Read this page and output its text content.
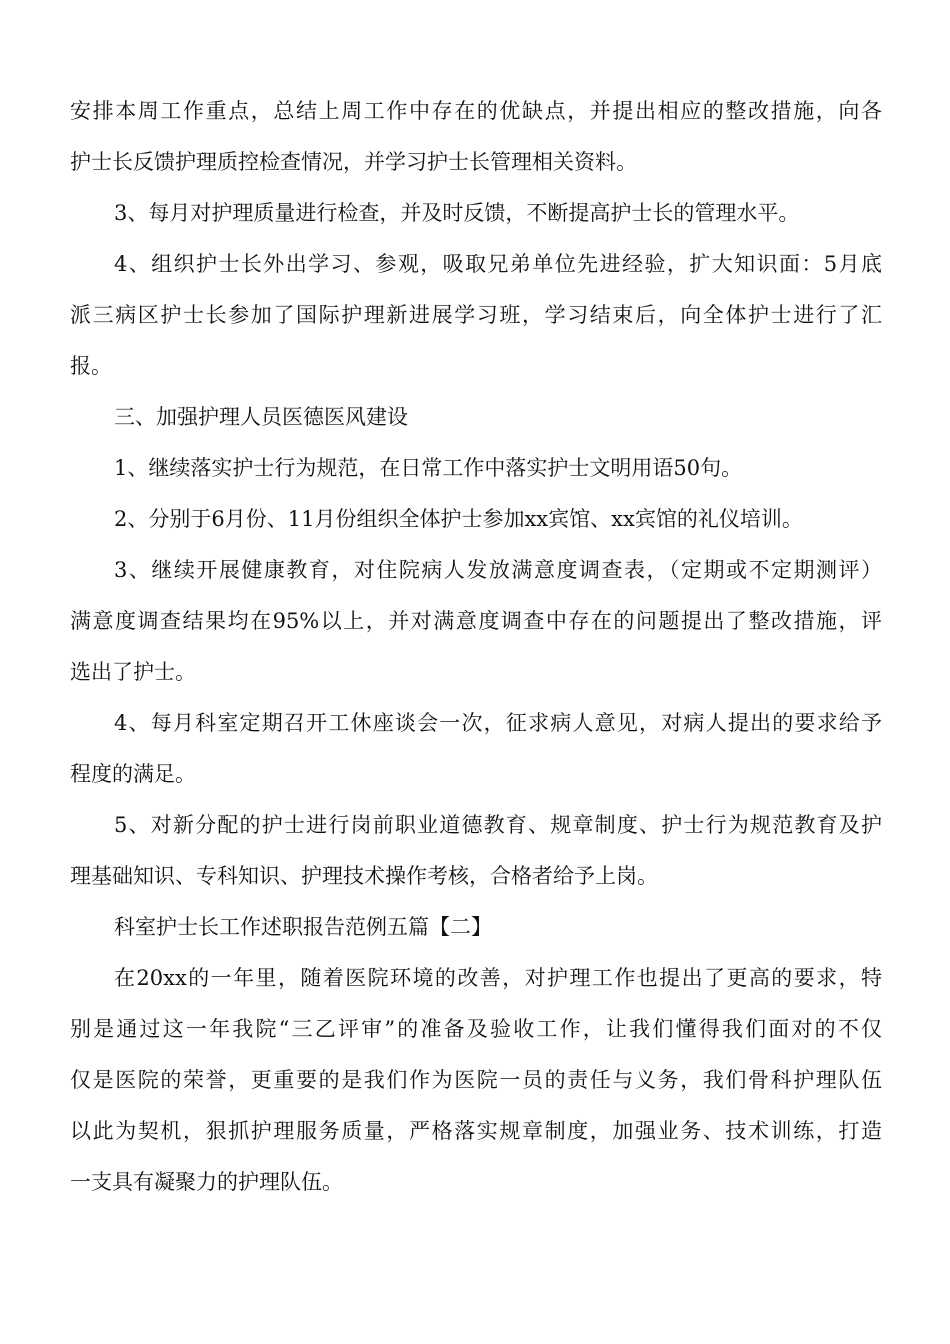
安排本周工作重点，总结上周工作中存在的优缺点，并提出相应的整改措施，向各
护士长反馈护理质控检查情况，并学习护士长管理相关资料。
3、每月对护理质量进行检查，并及时反馈，不断提高护士长的管理水平。
4、组织护士长外出学习、参观，吸取兄弟单位先进经验，扩大知识面：5月底
派三病区护士长参加了国际护理新进展学习班，学习结束后，向全体护士进行了汇
报。
三、加强护理人员医德医风建设
1、继续落实护士行为规范，在日常工作中落实护士文明用语50句。
2、分别于6月份、11月份组织全体护士参加xx宾馆、xx宾馆的礼仪培训。
3、继续开展健康教育，对住院病人发放满意度调查表，（定期或不定期测评）
满意度调查结果均在95%以上，并对满意度调查中存在的问题提出了整改措施，评
选出了护士。
4、每月科室定期召开工休座谈会一次，征求病人意见，对病人提出的要求给予
程度的满足。
5、对新分配的护士进行岗前职业道德教育、规章制度、护士行为规范教育及护
理基础知识、专科知识、护理技术操作考核，合格者给予上岗。
科室护士长工作述职报告范例五篇【二】
在20xx的一年里，随着医院环境的改善，对护理工作也提出了更高的要求，特
别是通过这一年我院“三乙评审”的准备及验收工作，让我们懂得我们面对的不仅
仅是医院的荣誉，更重要的是我们作为医院一员的责任与义务，我们骨科护理队伍
以此为契机，狠抓护理服务质量，严格落实规章制度，加强业务、技术训练，打造
一支具有凝聚力的护理队伍。
